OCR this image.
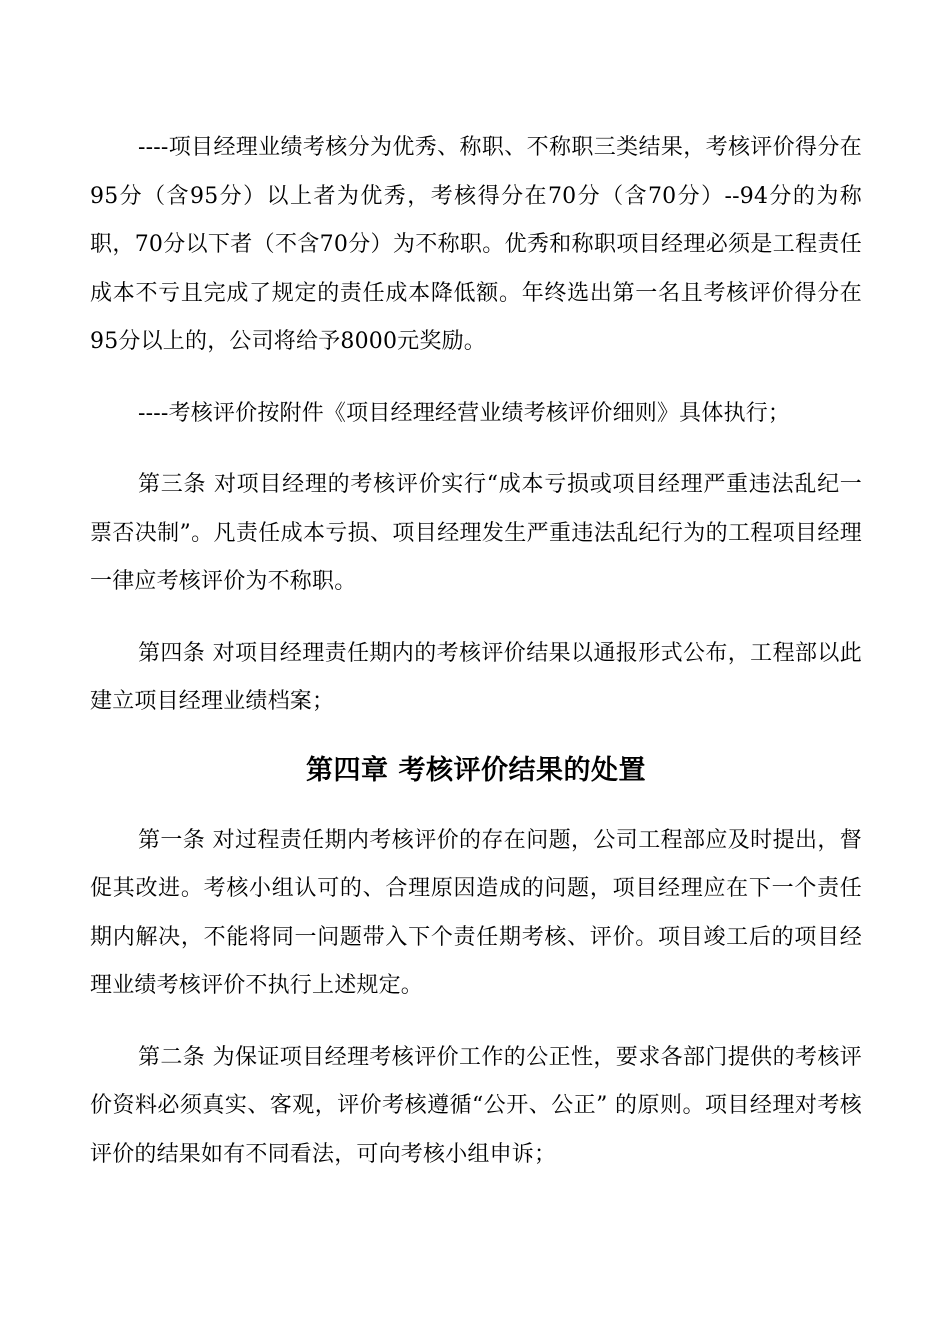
----项目经理业绩考核分为优秀、称职、不称职三类结果，考核评价得分在95分（含95分）以上者为优秀，考核得分在70分（含70分）--94分的为称职，70分以下者（不含70分）为不称职。优秀和称职项目经理必须是工程责任成本不亏且完成了规定的责任成本降低额。年终选出第一名且考核评价得分在95分以上的，公司将给予8000元奖励。

----考核评价按附件《项目经理经营业绩考核评价细则》具体执行；

第三条 对项目经理的考核评价实行“成本亏损或项目经理严重违法乱纪一票否决制”。凡责任成本亏损、项目经理发生严重违法乱纪行为的工程项目经理一律应考核评价为不称职。

第四条 对项目经理责任期内的考核评价结果以通报形式公布，工程部以此建立项目经理业绩档案；

第四章 考核评价结果的处置

第一条 对过程责任期内考核评价的存在问题，公司工程部应及时提出，督促其改进。考核小组认可的、合理原因造成的问题，项目经理应在下一个责任期内解决，不能将同一问题带入下个责任期考核、评价。项目竣工后的项目经理业绩考核评价不执行上述规定。

第二条 为保证项目经理考核评价工作的公正性，要求各部门提供的考核评价资料必须真实、客观，评价考核遵循“公开、公正” 的原则。项目经理对考核评价的结果如有不同看法，可向考核小组申诉；
